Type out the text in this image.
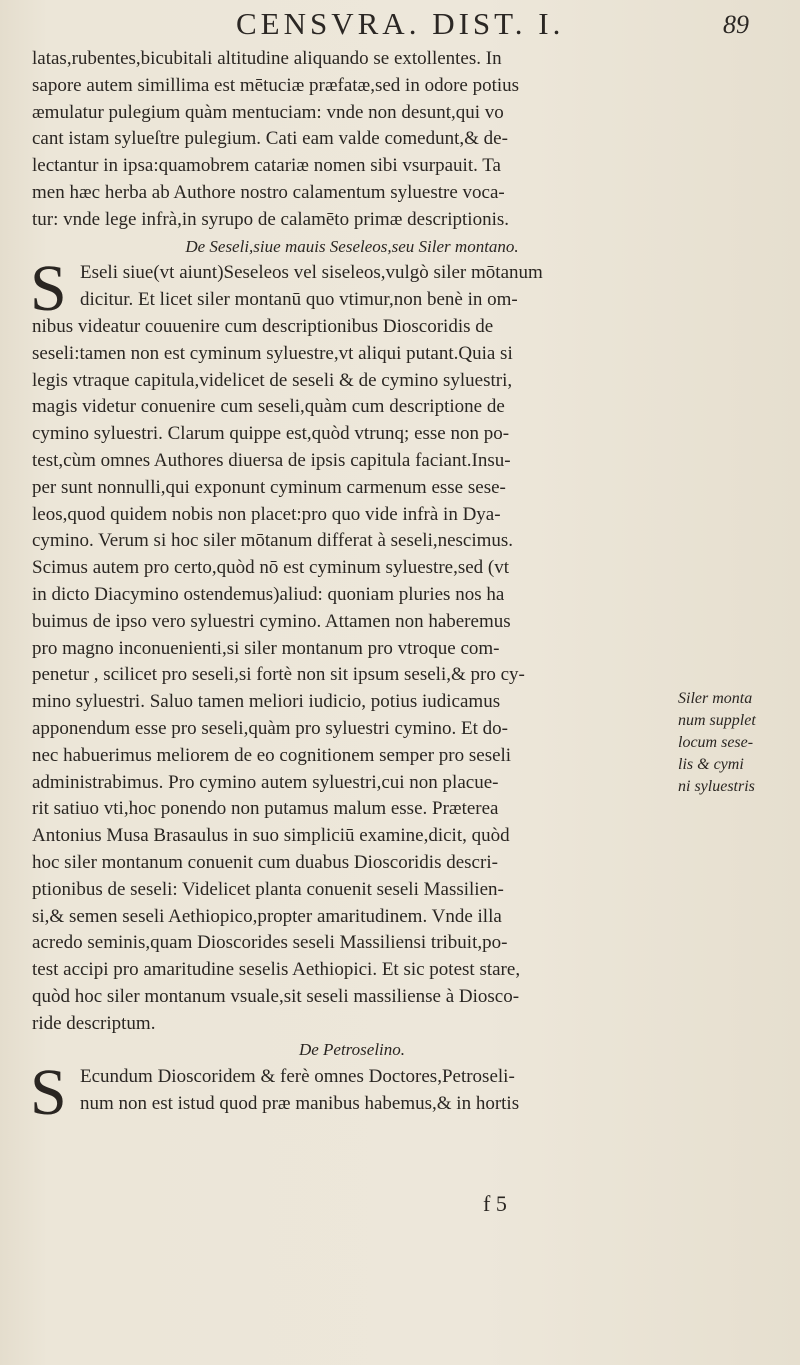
CENSVRA. DIST. I.	89
latas,rubentes,bicubitali altitudine aliquando se extollentes. In
sapore autem simillima est mētuciæ præfatæ,sed in odore potius
æmulatur pulegium quàm mentuciam: vnde non desunt,qui vo
cant istam sylueſtre pulegium. Cati eam valde comedunt,& de-
lectantur in ipsa:quamobrem catariæ nomen sibi vsurpauit. Ta
men hæc herba ab Authore nostro calamentum syluestre voca-
tur: vnde lege infrà,in syrupo de calamēto primæ descriptionis.
De Seseli,siue mauis Seseleos,seu Siler montano.
S Eseli siue(vt aiunt)Seseleos vel siseleos,vulgò siler mōtanum
dicitur. Et licet siler montanū quo vtimur,non benè in om-
nibus videatur couuenire cum descriptionibus Dioscoridis de
seseli:tamen non est cyminum syluestre,vt aliqui putant.Quia si
legis vtraque capitula,videlicet de seseli & de cymino syluestri,
magis videtur conuenire cum seseli,quàm cum descriptione de
cymino syluestri. Clarum quippe est,quòd vtrunq; esse non po-
test,cùm omnes Authores diuersa de ipsis capitula faciant.Insu-
per sunt nonnulli,qui exponunt cyminum carmenum esse sese-
leos,quod quidem nobis non placet:pro quo vide infrà in Dya-
cymino. Verum si hoc siler mōtanum differat à seseli,nescimus.
Scimus autem pro certo,quòd nō est cyminum syluestre,sed (vt
in dicto Diacymino ostendemus)aliud: quoniam pluries nos ha
buimus de ipso vero syluestri cymino. Attamen non haberemus
pro magno inconuenienti,si siler montanum pro vtroque com-
penetur , scilicet pro seseli,si fortè non sit ipsum seseli,& pro cy-
mino syluestri. Saluo tamen meliori iudicio, potius iudicamus
apponendum esse pro seseli,quàm pro syluestri cymino. Et do-
nec habuerimus meliorem de eo cognitionem semper pro seseli
administrabimus. Pro cymino autem syluestri,cui non placue-
rit satiuo vti,hoc ponendo non putamus malum esse. Præterea
Antonius Musa Brasaulus in suo simpliciū examine,dicit, quòd
hoc siler montanum conuenit cum duabus Dioscoridis descri-
ptionibus de seseli: Videlicet planta conuenit seseli Massilien-
si,& semen seseli Aethiopico,propter amaritudinem. Vnde illa
acredo seminis,quam Dioscorides seseli Massiliensi tribuit,po-
test accipi pro amaritudine seselis Aethiopici. Et sic potest stare,
quòd hoc siler montanum vsuale,sit seseli massiliense à Diosco-
ride descriptum.
De Petroselino.
S Ecundum Dioscoridem & ferè omnes Doctores,Petroseli-
num non est istud quod præ manibus habemus,& in hortis
Siler monta
num supplet
locum sese-
lis & cymi
ni syluestris
f 5
